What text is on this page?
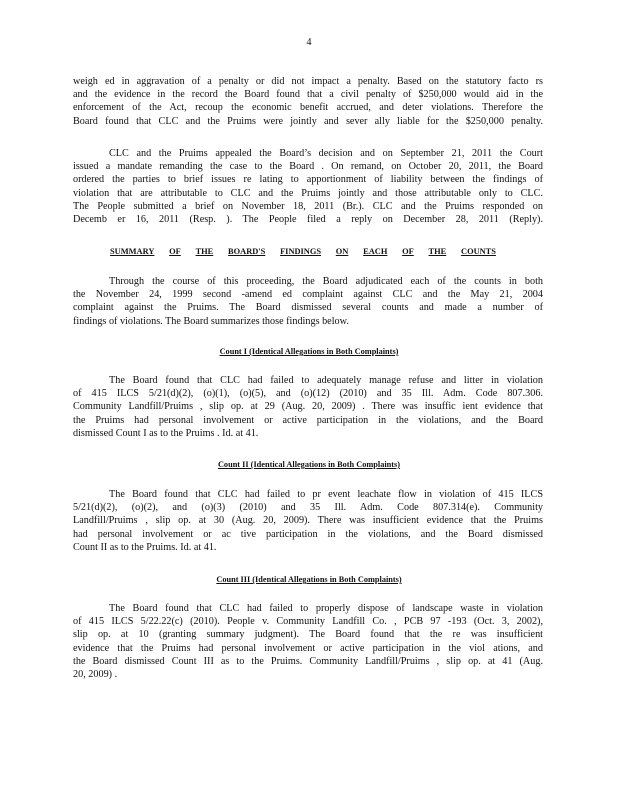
4
weigh ed in aggravation of a penalty or did not impact a penalty. Based on the statutory facto rs
and the evidence in the record the Board found that a civil penalty of $250,000 would aid in the
enforcement of the Act, recoup the economic benefit accrued, and deter violations. Therefore the
Board found that CLC and the Pruims were jointly and sever ally liable for the $250,000 penalty.
CLC and the Pruims appealed the Board’s decision and on September 21, 2011 the Court
issued a mandate remanding the case to the Board . On remand, on October 20, 2011, the Board
ordered the parties to brief issues re lating to apportionment of liability between the findings of
violation that are attributable to CLC and the Pruims jointly and those attributable only to CLC.
The People submitted a brief on November 18, 2011 (Br.). CLC and the Pruims responded on
Decemb er 16, 2011 (Resp. ). The People filed a reply on December 28, 2011 (Reply).
SUMMARY OF THE BOARD'S FINDINGS ON EACH OF THE COUNTS
Through the course of this proceeding, the Board adjudicated each of the counts in both
the November 24, 1999 second -amend ed complaint against CLC and the May 21, 2004
complaint against the Pruims. The Board dismissed several counts and made a number of
findings of violations. The Board summarizes those findings below.
Count I (Identical Allegations in Both Complaints)
The Board found that CLC had failed to adequately manage refuse and litter in violation
of 415 ILCS 5/21(d)(2), (o)(1), (o)(5), and (o)(12) (2010) and 35 Ill. Adm. Code 807.306.
Community Landfill/Pruims , slip op. at 29 (Aug. 20, 2009) . There was insuffic ient evidence that
the Pruims had personal involvement or active participation in the violations, and the Board
dismissed Count I as to the Pruims . Id. at 41.
Count II (Identical Allegations in Both Complaints)
The Board found that CLC had failed to pr event leachate flow in violation of 415 ILCS
5/21(d)(2), (o)(2), and (o)(3) (2010) and 35 Ill. Adm. Code 807.314(e). Community
Landfill/Pruims , slip op. at 30 (Aug. 20, 2009). There was insufficient evidence that the Pruims
had personal involvement or ac tive participation in the violations, and the Board dismissed
Count II as to the Pruims. Id. at 41.
Count III (Identical Allegations in Both Complaints)
The Board found that CLC had failed to properly dispose of landscape waste in violation
of 415 ILCS 5/22.22(c) (2010). People v. Community Landfill Co. , PCB 97 -193 (Oct. 3, 2002),
slip op. at 10 (granting summary judgment). The Board found that the re was insufficient
evidence that the Pruims had personal involvement or active participation in the viol ations, and
the Board dismissed Count III as to the Pruims. Community Landfill/Pruims , slip op. at 41 (Aug.
20, 2009) .
